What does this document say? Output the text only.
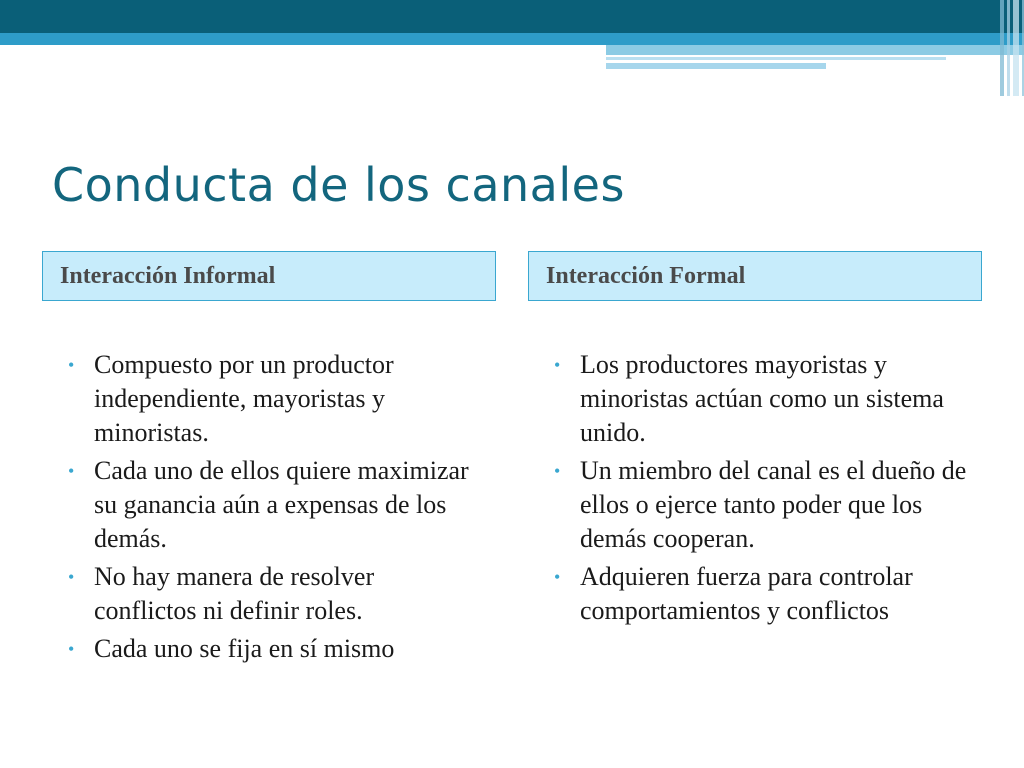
Conducta de los canales
Interacción Informal	Interacción Formal
• Compuesto por un productor independiente, mayoristas y minoristas.
• Cada uno de ellos quiere maximizar su ganancia aún a expensas de los demás.
• No hay manera de resolver conflictos ni definir roles.
• Cada uno se fija en sí mismo
• Los productores mayoristas y minoristas actúan como un sistema unido.
• Un miembro del canal es el dueño de ellos o ejerce tanto poder que los demás cooperan.
• Adquieren fuerza para controlar comportamientos y conflictos
